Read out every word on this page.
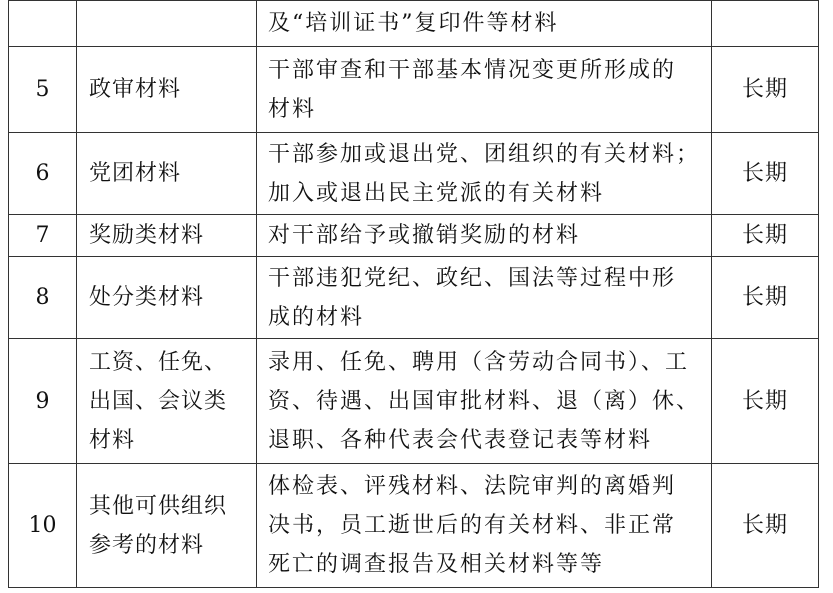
		及“培训证书”复印件等材料	

5	政审材料	干部审查和干部基本情况变更所形成的
材料	长期
6	党团材料	干部参加或退出党、团组织的有关材料；
加入或退出民主党派的有关材料	长期
7	奖励类材料	对干部给予或撤销奖励的材料	长期
8	处分类材料	干部违犯党纪、政纪、国法等过程中形
成的材料	长期
9	工资、任免、
出国、会议类
材料	录用、任免、聘用（含劳动合同书）、工
资、待遇、出国审批材料、退（离）休、
退职、各种代表会代表登记表等材料	长期
10	其他可供组织
参考的材料	体检表、评残材料、法院审判的离婚判
决书，员工逝世后的有关材料、非正常
死亡的调查报告及相关材料等等	长期
